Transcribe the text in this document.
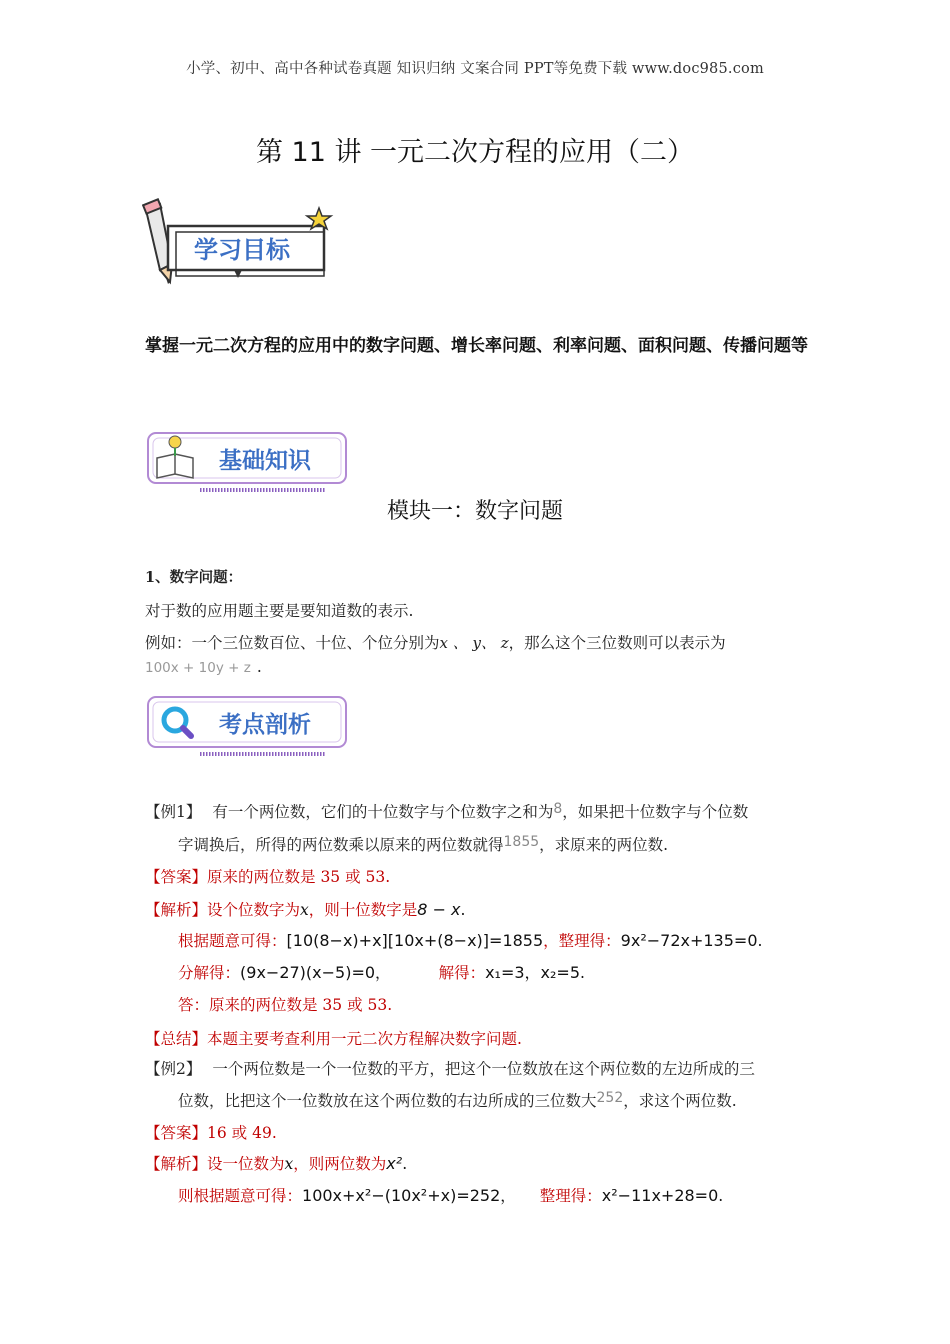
小学、初中、高中各种试卷真题 知识归纳 文案合同 PPT等免费下载 www.doc985.com
第 11 讲 一元二次方程的应用（二）
学习目标
掌握一元二次方程的应用中的数字问题、增长率问题、利率问题、面积问题、传播问题等
基础知识
模块一：数字问题
1、数字问题：
对于数的应用题主要是要知道数的表示.
例如：一个三位数百位、十位、个位分别为x 、 y、 z，那么这个三位数则可以表示为
100x + 10y + z .
考点剖析
【例1】 有一个两位数，它们的十位数字与个位数字之和为8，如果把十位数字与个位数
字调换后，所得的两位数乘以原来的两位数就得1855，求原来的两位数.
【答案】原来的两位数是 35 或 53.
【解析】设个位数字为x，则十位数字是8 − x.
根据题意可得：[10(8−x)+x][10x+(8−x)]=1855，整理得：9x²−72x+135=0.
分解得：(9x−27)(x−5)=0，	解得：x₁=3，x₂=5.
答：原来的两位数是 35 或 53.
【总结】本题主要考查利用一元二次方程解决数字问题.
【例2】 一个两位数是一个一位数的平方，把这个一位数放在这个两位数的左边所成的三
位数，比把这个一位数放在这个两位数的右边所成的三位数大252，求这个两位数.
【答案】16 或 49.
【解析】设一位数为x，则两位数为x².
则根据题意可得：100x+x²−(10x²+x)=252， 整理得：x²−11x+28=0.
